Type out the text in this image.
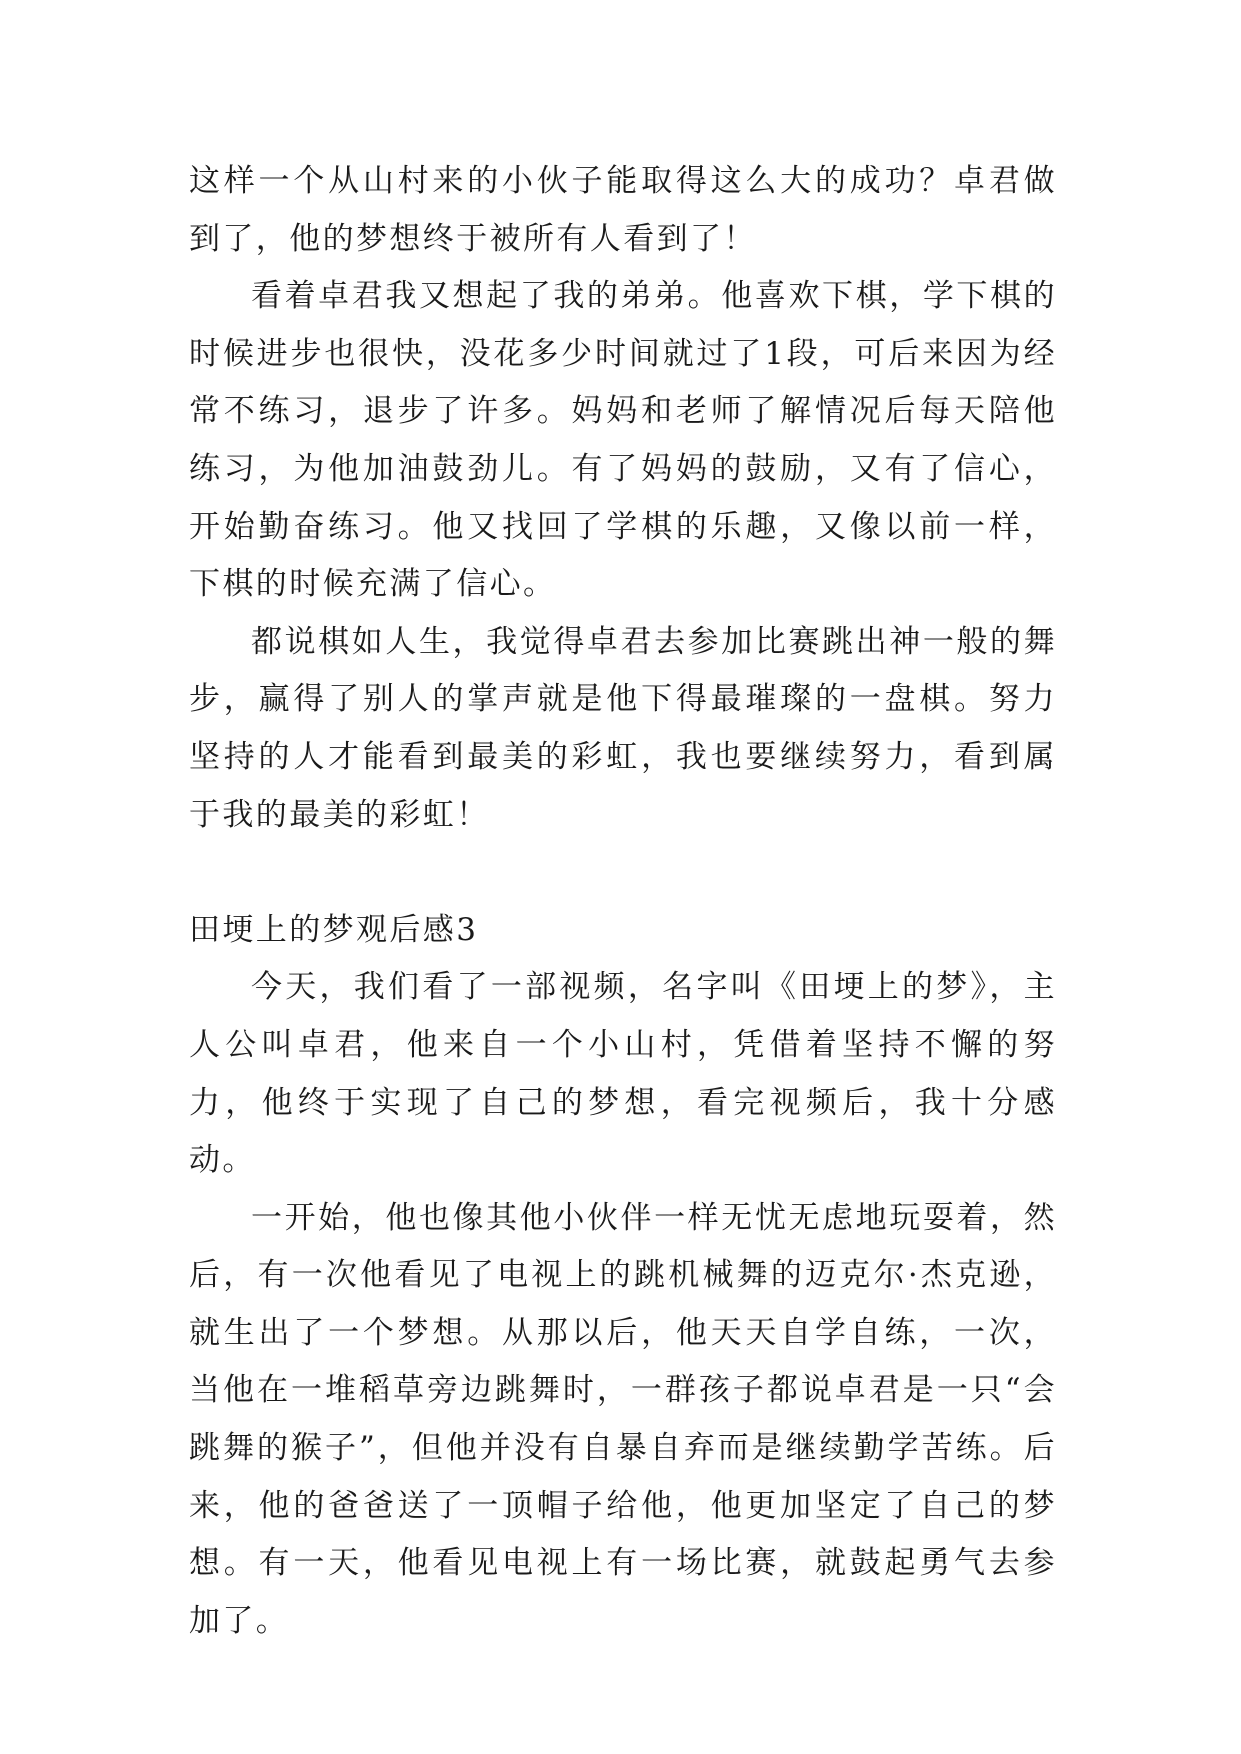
这样一个从山村来的小伙子能取得这么大的成功？卓君做到了，他的梦想终于被所有人看到了！

看着卓君我又想起了我的弟弟。他喜欢下棋，学下棋的时候进步也很快，没花多少时间就过了1段，可后来因为经常不练习，退步了许多。妈妈和老师了解情况后每天陪他练习，为他加油鼓劲儿。有了妈妈的鼓励，又有了信心，开始勤奋练习。他又找回了学棋的乐趣，又像以前一样，下棋的时候充满了信心。

都说棋如人生，我觉得卓君去参加比赛跳出神一般的舞步，赢得了别人的掌声就是他下得最璀璨的一盘棋。努力坚持的人才能看到最美的彩虹，我也要继续努力，看到属于我的最美的彩虹！

田埂上的梦观后感3

今天，我们看了一部视频，名字叫《田埂上的梦》，主人公叫卓君，他来自一个小山村，凭借着坚持不懈的努力，他终于实现了自己的梦想，看完视频后，我十分感动。

一开始，他也像其他小伙伴一样无忧无虑地玩耍着，然后，有一次他看见了电视上的跳机械舞的迈克尔·杰克逊，就生出了一个梦想。从那以后，他天天自学自练，一次，当他在一堆稻草旁边跳舞时，一群孩子都说卓君是一只“会跳舞的猴子”，但他并没有自暴自弃而是继续勤学苦练。后来，他的爸爸送了一顶帽子给他，他更加坚定了自己的梦想。有一天，他看见电视上有一场比赛，就鼓起勇气去参加了。
